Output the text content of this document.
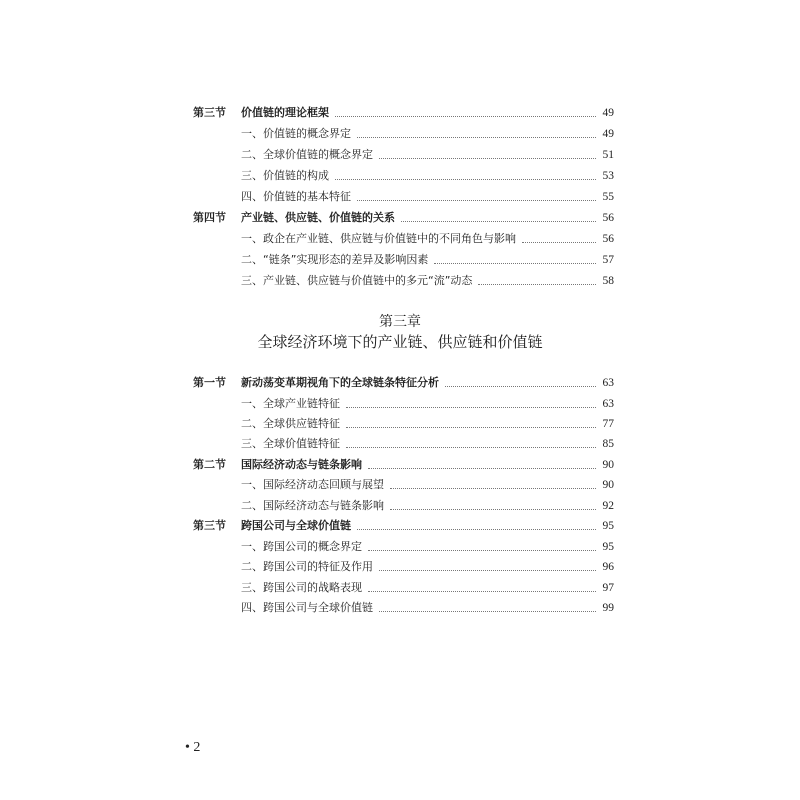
第三节	价值链的理论框架	49
一、价值链的概念界定	49
二、全球价值链的概念界定	51
三、价值链的构成	53
四、价值链的基本特征	55
第四节	产业链、供应链、价值链的关系	56
一、政企在产业链、供应链与价值链中的不同角色与影响	56
二、“链条”实现形态的差异及影响因素	57
三、产业链、供应链与价值链中的多元“流”动态	58
第三章
全球经济环境下的产业链、供应链和价值链
第一节	新动荡变革期视角下的全球链条特征分析	63
一、全球产业链特征	63
二、全球供应链特征	77
三、全球价值链特征	85
第二节	国际经济动态与链条影响	90
一、国际经济动态回顾与展望	90
二、国际经济动态与链条影响	92
第三节	跨国公司与全球价值链	95
一、跨国公司的概念界定	95
二、跨国公司的特征及作用	96
三、跨国公司的战略表现	97
四、跨国公司与全球价值链	99
• 2
